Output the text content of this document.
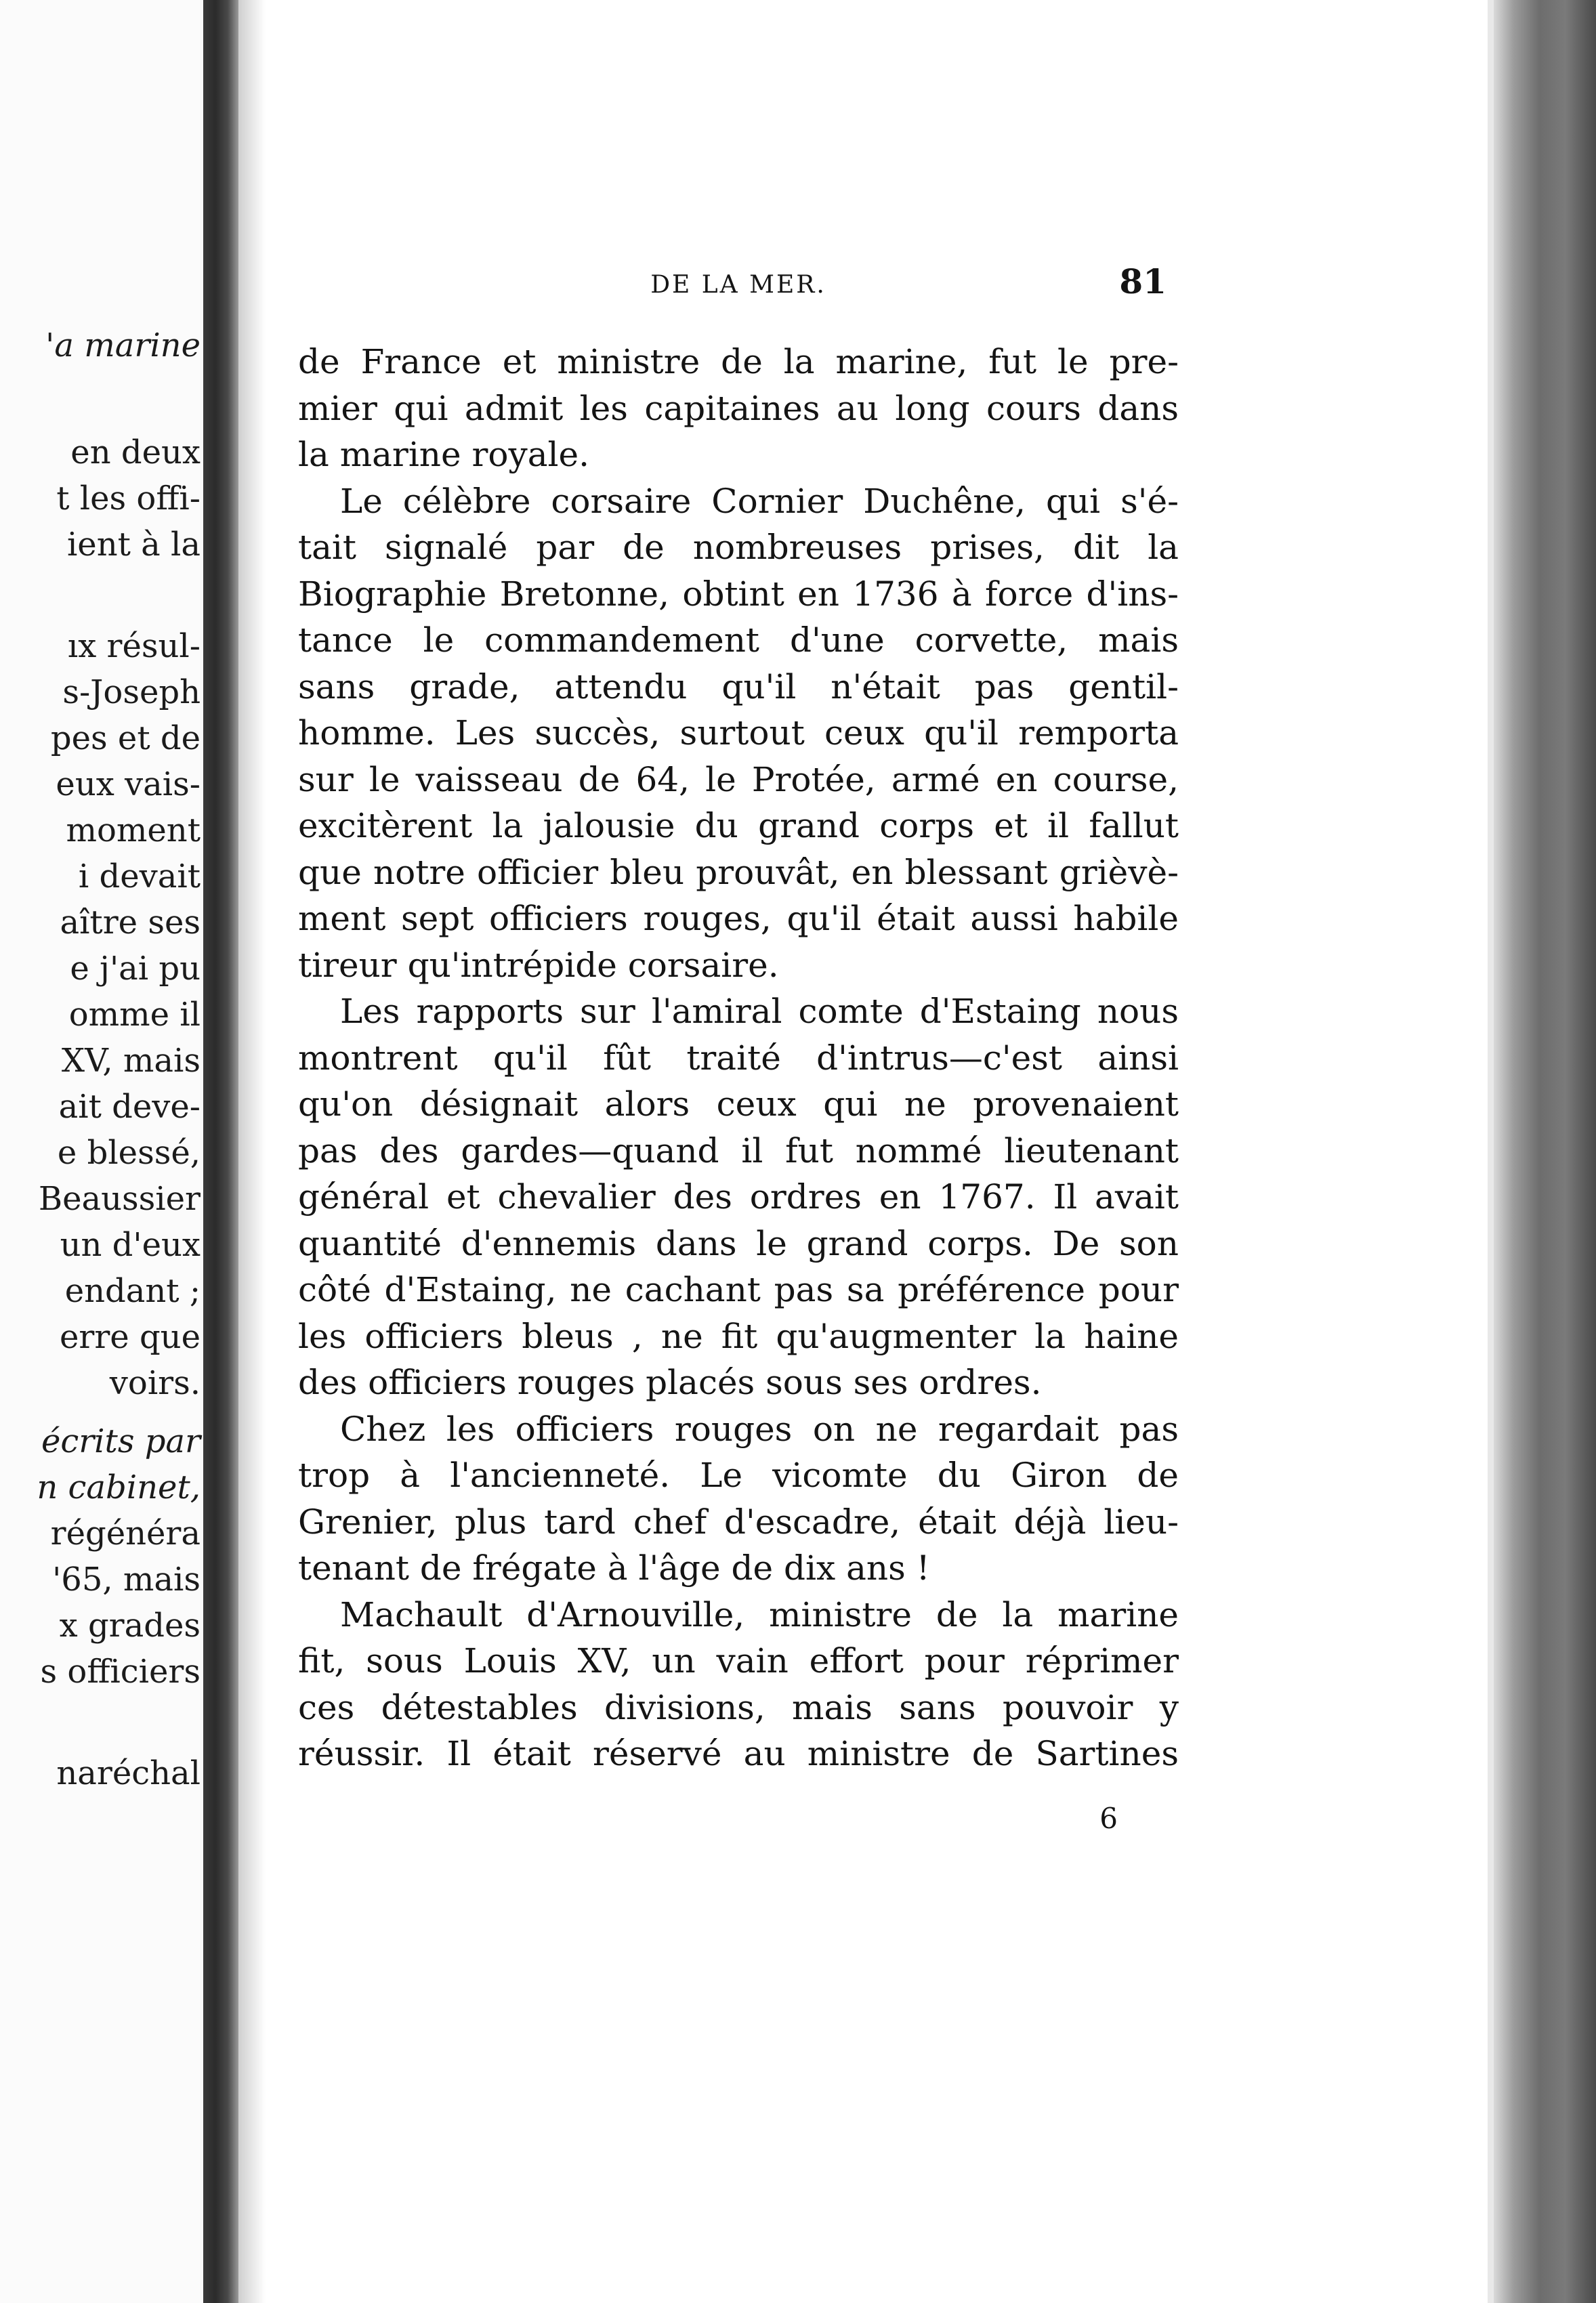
'a marine
en deux
t les offi-
ient à la
ıx résul-
s-Joseph
pes et de
eux vais-
moment
i devait
aître ses
e j'ai pu
omme il
XV, mais
ait deve-
e blessé,
Beaussier
un d'eux
endant ;
erre que
voirs.
écrits par
n cabinet,
régénéra
'65, mais
x grades
s officiers
naréchal
DE LA MER.	81
de France et ministre de la marine, fut le pre-
mier qui admit les capitaines au long cours dans
la marine royale.
Le célèbre corsaire Cornier Duchêne, qui s'é-
tait signalé par de nombreuses prises, dit la
Biographie Bretonne, obtint en 1736 à force d'ins-
tance le commandement d'une corvette, mais
sans grade, attendu qu'il n'était pas gentil-
homme. Les succès, surtout ceux qu'il remporta
sur le vaisseau de 64, le Protée, armé en course,
excitèrent la jalousie du grand corps et il fallut
que notre officier bleu prouvât, en blessant grièvè-
ment sept officiers rouges, qu'il était aussi habile
tireur qu'intrépide corsaire.
Les rapports sur l'amiral comte d'Estaing nous
montrent qu'il fût traité d'intrus—c'est ainsi
qu'on désignait alors ceux qui ne provenaient
pas des gardes—quand il fut nommé lieutenant
général et chevalier des ordres en 1767. Il avait
quantité d'ennemis dans le grand corps. De son
côté d'Estaing, ne cachant pas sa préférence pour
les officiers bleus , ne fit qu'augmenter la haine
des officiers rouges placés sous ses ordres.
Chez les officiers rouges on ne regardait pas
trop à l'ancienneté. Le vicomte du Giron de
Grenier, plus tard chef d'escadre, était déjà lieu-
tenant de frégate à l'âge de dix ans !
Machault d'Arnouville, ministre de la marine
fit, sous Louis XV, un vain effort pour réprimer
ces détestables divisions, mais sans pouvoir y
réussir. Il était réservé au ministre de Sartines
6
